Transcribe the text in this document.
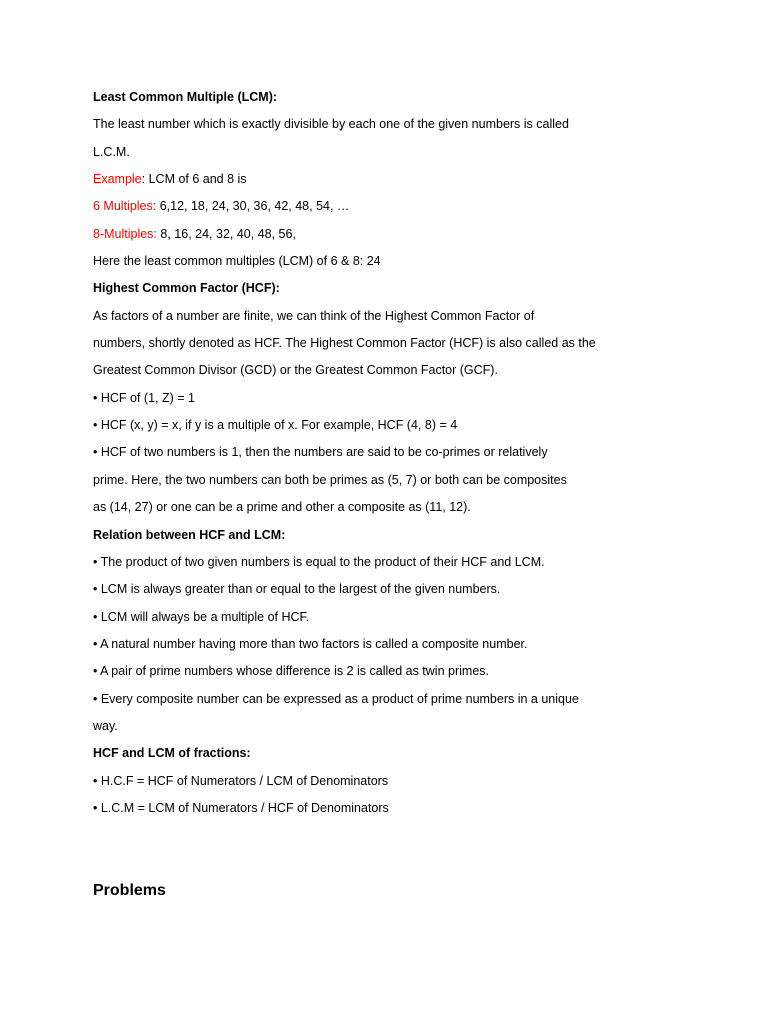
Least Common Multiple (LCM):
The least number which is exactly divisible by each one of the given numbers is called
L.C.M.
Example: LCM of 6 and 8 is
6 Multiples: 6,12, 18, 24, 30, 36, 42, 48, 54, …
8-Multiples: 8, 16, 24, 32, 40, 48, 56,
Here the least common multiples (LCM) of 6 & 8: 24
Highest Common Factor (HCF):
As factors of a number are finite, we can think of the Highest Common Factor of
numbers, shortly denoted as HCF. The Highest Common Factor (HCF) is also called as the
Greatest Common Divisor (GCD) or the Greatest Common Factor (GCF).
• HCF of (1, Z) = 1
• HCF (x, y) = x, if y is a multiple of x. For example, HCF (4, 8) = 4
• HCF of two numbers is 1, then the numbers are said to be co-primes or relatively
prime. Here, the two numbers can both be primes as (5, 7) or both can be composites
as (14, 27) or one can be a prime and other a composite as (11, 12).
Relation between HCF and LCM:
• The product of two given numbers is equal to the product of their HCF and LCM.
• LCM is always greater than or equal to the largest of the given numbers.
• LCM will always be a multiple of HCF.
• A natural number having more than two factors is called a composite number.
• A pair of prime numbers whose difference is 2 is called as twin primes.
• Every composite number can be expressed as a product of prime numbers in a unique
way.
HCF and LCM of fractions:
• H.C.F = HCF of Numerators / LCM of Denominators
• L.C.M = LCM of Numerators / HCF of Denominators
Problems
